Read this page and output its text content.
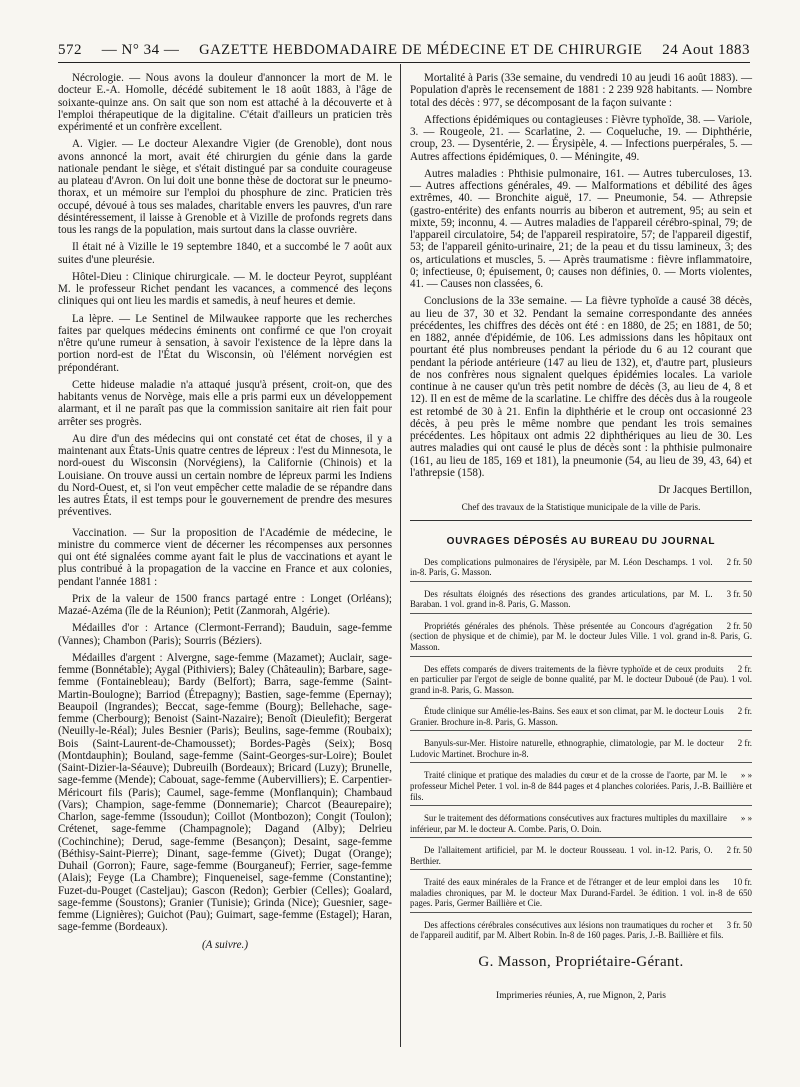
572 — N° 34 — GAZETTE HEBDOMADAIRE DE MÉDECINE ET DE CHIRURGIE 24 Aout 1883

Nécrologie. — Nous avons la douleur d'annoncer la mort de M. le docteur E.-A. Homolle, décédé subitement le 18 août 1883, à l'âge de soixante-quinze ans. On sait que son nom est attaché à la découverte et à l'emploi thérapeutique de la digitaline. C'était d'ailleurs un praticien très expérimenté et un confrère excellent.

A. Vigier. — Le docteur Alexandre Vigier (de Grenoble), dont nous avons annoncé la mort, avait été chirurgien du génie dans la garde nationale pendant le siège, et s'était distingué par sa conduite courageuse au plateau d'Avron. On lui doit une bonne thèse de doctorat sur le pneumo-thorax, et un mémoire sur l'emploi du phosphure de zinc. Praticien très occupé, dévoué à tous ses malades, charitable envers les pauvres, d'un rare désintéressement, il laisse à Grenoble et à Vizille de profonds regrets dans tous les rangs de la population, mais surtout dans la classe ouvrière.

Il était né à Vizille le 19 septembre 1840, et a succombé le 7 août aux suites d'une pleurésie.

Hôtel-Dieu : Clinique chirurgicale. — M. le docteur Peyrot, suppléant M. le professeur Richet pendant les vacances, a commencé des leçons cliniques qui ont lieu les mardis et samedis, à neuf heures et demie.

La lèpre. — Le Sentinel de Milwaukee rapporte que les recherches faites par quelques médecins éminents ont confirmé ce que l'on croyait n'être qu'une rumeur à sensation, à savoir l'existence de la lèpre dans la portion nord-est de l'État du Wisconsin, où l'élément norvégien est prépondérant.

Cette hideuse maladie n'a attaqué jusqu'à présent, croit-on, que des habitants venus de Norvège, mais elle a pris parmi eux un développement alarmant, et il ne paraît pas que la commission sanitaire ait rien fait pour arrêter ses progrès.

Au dire d'un des médecins qui ont constaté cet état de choses, il y a maintenant aux États-Unis quatre centres de lépreux : l'est du Minnesota, le nord-ouest du Wisconsin (Norvégiens), la Californie (Chinois) et la Louisiane. On trouve aussi un certain nombre de lépreux parmi les Indiens du Nord-Ouest, et, si l'on veut empêcher cette maladie de se répandre dans les autres États, il est temps pour le gouvernement de prendre des mesures préventives.

Vaccination. — Sur la proposition de l'Académie de médecine, le ministre du commerce vient de décerner les récompenses aux personnes qui ont été signalées comme ayant fait le plus de vaccinations et ayant le plus contribué à la propagation de la vaccine en France et aux colonies, pendant l'année 1881 :

Prix de la valeur de 1500 francs partagé entre : Longet (Orléans); Mazaé-Azéma (île de la Réunion); Petit (Zanmorah, Algérie).

Médailles d'or : Artance (Clermont-Ferrand); Bauduin, sage-femme (Vannes); Chambon (Paris); Sourris (Béziers).

Médailles d'argent : Alvergne, sage-femme (Mazamet); Auclair, sage-femme (Bonnétable); Aygal (Pithiviers); Baley (Châteaulin); Barbare, sage-femme (Fontainebleau); Bardy (Belfort); Barra, sage-femme (Saint-Martin-Boulogne); Barriod (Étrepagny); Bastien, sage-femme (Epernay); Beaupoil (Ingrandes); Beccat, sage-femme (Bourg); Bellehache, sage-femme (Cherbourg); Benoist (Saint-Nazaire); Benoît (Dieulefit); Bergerat (Neuilly-le-Réal); Jules Besnier (Paris); Beulins, sage-femme (Roubaix); Bois (Saint-Laurent-de-Chamousset); Bordes-Pagès (Seix); Bosq (Montdauphin); Bouland, sage-femme (Saint-Georges-sur-Loire); Boulet (Saint-Dizier-la-Séauve); Dubreuilh (Bordeaux); Bricard (Luzy); Brunelle, sage-femme (Mende); Cabouat, sage-femme (Aubervilliers); E. Carpentier-Méricourt fils (Paris); Caumel, sage-femme (Monflanquin); Chambaud (Vars); Champion, sage-femme (Donnemarie); Charcot (Beaurepaire); Charlon, sage-femme (Issoudun); Coillot (Montbozon); Congit (Toulon); Crétenet, sage-femme (Champagnole); Dagand (Alby); Delrieu (Cochinchine); Derud, sage-femme (Besançon); Desaint, sage-femme (Béthisy-Saint-Pierre); Dinant, sage-femme (Givet); Dugat (Orange); Duhail (Gorron); Faure, sage-femme (Bourganeuf); Ferrier, sage-femme (Alais); Feyge (La Chambre); Finqueneisel, sage-femme (Constantine); Fuzet-du-Pouget (Casteljau); Gascon (Redon); Gerbier (Celles); Goalard, sage-femme (Soustons); Granier (Tunisie); Grinda (Nice); Guesnier, sage-femme (Lignières); Guichot (Pau); Guimart, sage-femme (Estagel); Haran, sage-femme (Bordeaux).

(A suivre.)

Mortalité à Paris (33e semaine, du vendredi 10 au jeudi 16 août 1883). — Population d'après le recensement de 1881 : 2 239 928 habitants. — Nombre total des décès : 977, se décomposant de la façon suivante :

Affections épidémiques ou contagieuses : Fièvre typhoïde, 38. — Variole, 3. — Rougeole, 21. — Scarlatine, 2. — Coqueluche, 19. — Diphthérie, croup, 23. — Dysentérie, 2. — Érysipèle, 4. — Infections puerpérales, 5. — Autres affections épidémiques, 0. — Méningite, 49.

Autres maladies : Phthisie pulmonaire, 161. — Autres tuberculoses, 13. — Autres affections générales, 49. — Malformations et débilité des âges extrêmes, 40. — Bronchite aiguë, 17. — Pneumonie, 54. — Athrepsie (gastro-entérite) des enfants nourris au biberon et autrement, 95; au sein et mixte, 59; inconnu, 4. — Autres maladies de l'appareil cérébro-spinal, 79; de l'appareil circulatoire, 54; de l'appareil respiratoire, 57; de l'appareil digestif, 53; de l'appareil génito-urinaire, 21; de la peau et du tissu lamineux, 3; des os, articulations et muscles, 5. — Après traumatisme : fièvre inflammatoire, 0; infectieuse, 0; épuisement, 0; causes non définies, 0. — Morts violentes, 41. — Causes non classées, 6.

Conclusions de la 33e semaine. — La fièvre typhoïde a causé 38 décès, au lieu de 37, 30 et 32. Pendant la semaine correspondante des années précédentes, les chiffres des décès ont été : en 1880, de 25; en 1881, de 50; en 1882, année d'épidémie, de 106. Les admissions dans les hôpitaux ont pourtant été plus nombreuses pendant la période du 6 au 12 courant que pendant la période antérieure (147 au lieu de 132), et, d'autre part, plusieurs de nos confrères nous signalent quelques épidémies locales. La variole continue à ne causer qu'un très petit nombre de décès (3, au lieu de 4, 8 et 12). Il en est de même de la scarlatine. Le chiffre des décès dus à la rougeole est retombé de 30 à 21. Enfin la diphthérie et le croup ont occasionné 23 décès, à peu près le même nombre que pendant les trois semaines précédentes. Les hôpitaux ont admis 22 diphthériques au lieu de 30. Les autres maladies qui ont causé le plus de décès sont : la phthisie pulmonaire (161, au lieu de 185, 169 et 181), la pneumonie (54, au lieu de 39, 43, 64) et l'athrepsie (158).

Dr Jacques Bertillon,

Chef des travaux de la Statistique municipale de la ville de Paris.

OUVRAGES DÉPOSÉS AU BUREAU DU JOURNAL

2 fr. 50
Des complications pulmonaires de l'érysipèle, par M. Léon Deschamps. 1 vol. in-8. Paris, G. Masson.

3 fr. 50
Des résultats éloignés des résections des grandes articulations, par M. L. Baraban. 1 vol. grand in-8. Paris, G. Masson.

2 fr. 50
Propriétés générales des phénols. Thèse présentée au Concours d'agrégation (section de physique et de chimie), par M. le docteur Jules Ville. 1 vol. grand in-8. Paris, G. Masson.

2 fr.
Des effets comparés de divers traitements de la fièvre typhoïde et de ceux produits en particulier par l'ergot de seigle de bonne qualité, par M. le docteur Duboué (de Pau). 1 vol. grand in-8. Paris, G. Masson.

2 fr.
Étude clinique sur Amélie-les-Bains. Ses eaux et son climat, par M. le docteur Louis Granier. Brochure in-8. Paris, G. Masson.

2 fr.
Banyuls-sur-Mer. Histoire naturelle, ethnographie, climatologie, par M. le docteur Ludovic Martinet. Brochure in-8.

» »
Traité clinique et pratique des maladies du cœur et de la crosse de l'aorte, par M. le professeur Michel Peter. 1 vol. in-8 de 844 pages et 4 planches coloriées. Paris, J.-B. Baillière et fils.

» »
Sur le traitement des déformations consécutives aux fractures multiples du maxillaire inférieur, par M. le docteur A. Combe. Paris, O. Doin.

2 fr. 50
De l'allaitement artificiel, par M. le docteur Rousseau. 1 vol. in-12. Paris, O. Berthier.

10 fr.
Traité des eaux minérales de la France et de l'étranger et de leur emploi dans les maladies chroniques, par M. le docteur Max Durand-Fardel. 3e édition. 1 vol. in-8 de 650 pages. Paris, Germer Baillière et Cie.

3 fr. 50
Des affections cérébrales consécutives aux lésions non traumatiques du rocher et de l'appareil auditif, par M. Albert Robin. In-8 de 160 pages. Paris, J.-B. Baillière et fils.

G. Masson, Propriétaire-Gérant.
Imprimeries réunies, A, rue Mignon, 2, Paris
